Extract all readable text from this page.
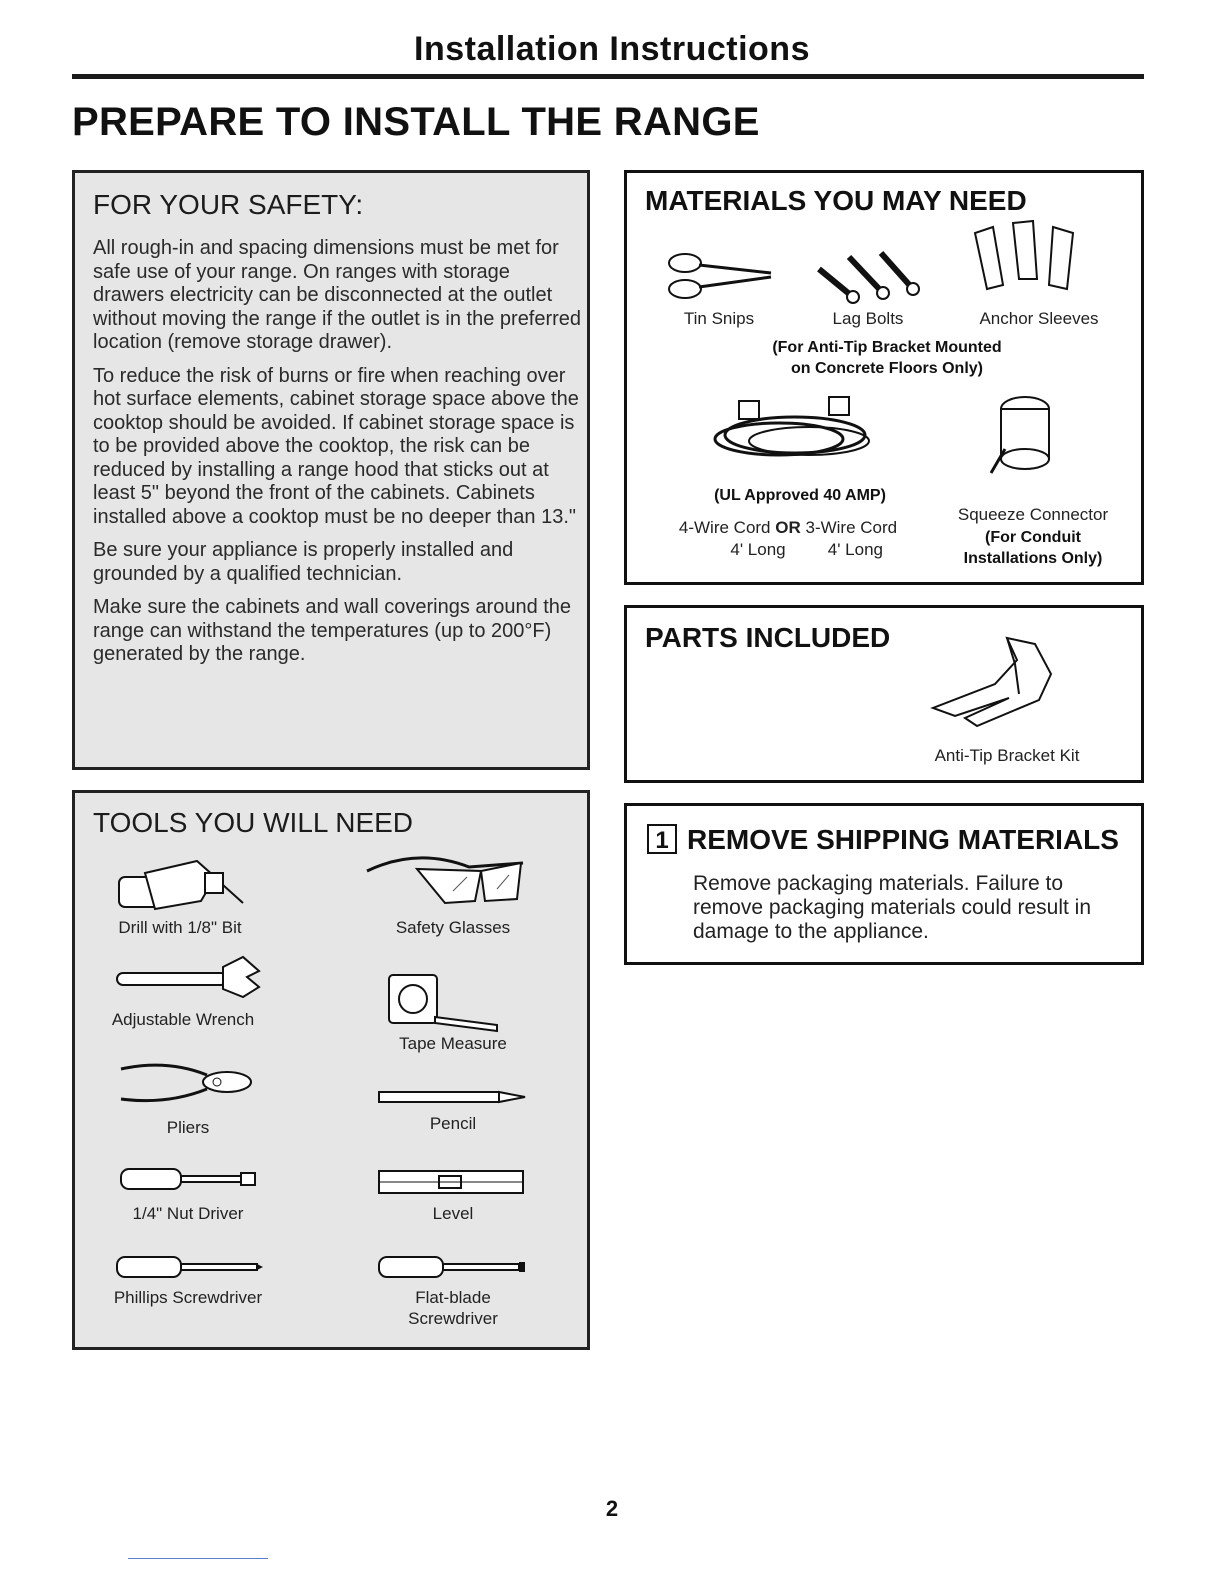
Installation Instructions
PREPARE TO INSTALL THE RANGE
FOR YOUR SAFETY:

All rough-in and spacing dimensions must be met for safe use of your range. On ranges with storage drawers electricity can be disconnected at the outlet without moving the range if the outlet is in the preferred location (remove storage drawer).

To reduce the risk of burns or fire when reaching over hot surface elements, cabinet storage space above the cooktop should be avoided. If cabinet storage space is to be provided above the cooktop, the risk can be reduced by installing a range hood that sticks out at least 5" beyond the front of the cabinets. Cabinets installed above a cooktop must be no deeper than 13."

Be sure your appliance is properly installed and grounded by a qualified technician.

Make sure the cabinets and wall coverings around the range can withstand the temperatures (up to 200°F) generated by the range.

TOOLS YOU WILL NEED
Drill with 1/8" Bit	Safety Glasses
Adjustable Wrench
Tape Measure
Pliers	Pencil
1/4" Nut Driver	Level
Phillips Screwdriver	Flat-blade
Screwdriver
MATERIALS YOU MAY NEED
Tin Snips	Lag Bolts	Anchor Sleeves
(For Anti-Tip Bracket Mounted
on Concrete Floors Only)
(UL Approved 40 AMP)
4-Wire Cord OR 3-Wire Cord
4' Long 4' Long
Squeeze Connector
(For Conduit
Installations Only)
PARTS INCLUDED
Anti-Tip Bracket Kit
1 REMOVE SHIPPING MATERIALS
Remove packaging materials. Failure to remove packaging materials could result in damage to the appliance.
2
